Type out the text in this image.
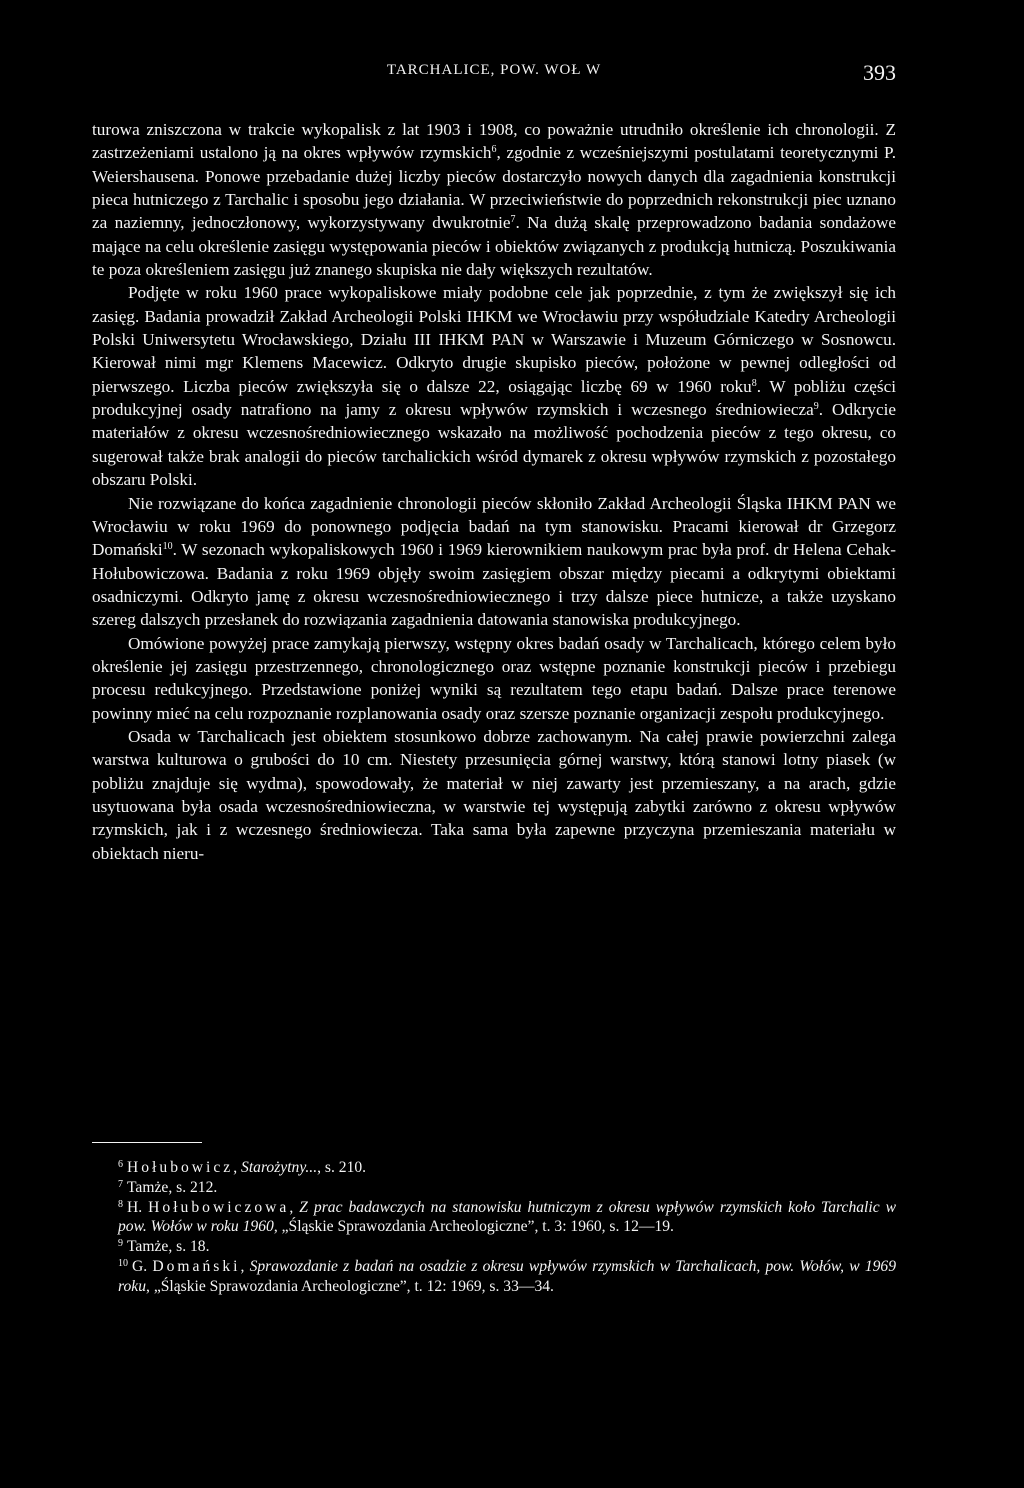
TARCHALICE, POW. WOŁ W	393

turowa zniszczona w trakcie wykopalisk z lat 1903 i 1908, co poważnie utrudniło określenie ich chronologii. Z zastrzeżeniami ustalono ją na okres wpływów rzymskich$^6$, zgodnie z wcześniejszymi postulatami teoretycznymi P. Weiershausena. Ponowe przebadanie dużej liczby pieców dostarczyło nowych danych dla zagadnienia konstrukcji pieca hutniczego z Tarchalic i sposobu jego działania. W przeciwieństwie do poprzednich rekonstrukcji piec uznano za naziemny, jednoczłonowy, wykorzystywany dwukrotnie$^7$. Na dużą skalę przeprowadzono badania sondażowe mające na celu określenie zasięgu występowania pieców i obiektów związanych z produkcją hutniczą. Poszukiwania te poza określeniem zasięgu już znanego skupiska nie dały większych rezultatów.

Podjęte w roku 1960 prace wykopaliskowe miały podobne cele jak poprzednie, z tym że zwiększył się ich zasięg. Badania prowadził Zakład Archeologii Polski IHKM we Wrocławiu przy współudziale Katedry Archeologii Polski Uniwersytetu Wrocławskiego, Działu III IHKM PAN w Warszawie i Muzeum Górniczego w Sosnowcu. Kierował nimi mgr Klemens Macewicz. Odkryto drugie skupisko pieców, położone w pewnej odległości od pierwszego. Liczba pieców zwiększyła się o dalsze 22, osiągając liczbę 69 w 1960 roku$^8$. W pobliżu części produkcyjnej osady natrafiono na jamy z okresu wpływów rzymskich i wczesnego średniowiecza$^9$. Odkrycie materiałów z okresu wczesnośredniowiecznego wskazało na możliwość pochodzenia pieców z tego okresu, co sugerował także brak analogii do pieców tarchalickich wśród dymarek z okresu wpływów rzymskich z pozostałego obszaru Polski.

Nie rozwiązane do końca zagadnienie chronologii pieców skłoniło Zakład Archeologii Śląska IHKM PAN we Wrocławiu w roku 1969 do ponownego podjęcia badań na tym stanowisku. Pracami kierował dr Grzegorz Domański$^{10}$. W sezonach wykopaliskowych 1960 i 1969 kierownikiem naukowym prac była prof. dr Helena Cehak-Hołubowiczowa. Badania z roku 1969 objęły swoim zasięgiem obszar między piecami a odkrytymi obiektami osadniczymi. Odkryto jamę z okresu wczesnośredniowiecznego i trzy dalsze piece hutnicze, a także uzyskano szereg dalszych przesłanek do rozwiązania zagadnienia datowania stanowiska produkcyjnego.

Omówione powyżej prace zamykają pierwszy, wstępny okres badań osady w Tarchalicach, którego celem było określenie jej zasięgu przestrzennego, chronologicznego oraz wstępne poznanie konstrukcji pieców i przebiegu procesu redukcyjnego. Przedstawione poniżej wyniki są rezultatem tego etapu badań. Dalsze prace terenowe powinny mieć na celu rozpoznanie rozplanowania osady oraz szersze poznanie organizacji zespołu produkcyjnego.

Osada w Tarchalicach jest obiektem stosunkowo dobrze zachowanym. Na całej prawie powierzchni zalega warstwa kulturowa o grubości do 10 cm. Niestety przesunięcia górnej warstwy, którą stanowi lotny piasek (w pobliżu znajduje się wydma), spowodowały, że materiał w niej zawarty jest przemieszany, a na arach, gdzie usytuowana była osada wczesnośredniowieczna, w warstwie tej występują zabytki zarówno z okresu wpływów rzymskich, jak i z wczesnego średniowiecza. Taka sama była zapewne przyczyna przemieszania materiału w obiektach nieru-

$^6$ Hołubowicz, Starożytny..., s. 210.

$^7$ Tamże, s. 212.

$^8$ H. Hołubowiczowa, Z prac badawczych na stanowisku hutniczym z okresu wpływów rzymskich koło Tarchalic w pow. Wołów w roku 1960, „Śląskie Sprawozdania Archeologiczne”, t. 3: 1960, s. 12—19.

$^9$ Tamże, s. 18.

$^{10}$ G. Domański, Sprawozdanie z badań na osadzie z okresu wpływów rzymskich w Tarchalicach, pow. Wołów, w 1969 roku, „Śląskie Sprawozdania Archeologiczne”, t. 12: 1969, s. 33—34.
